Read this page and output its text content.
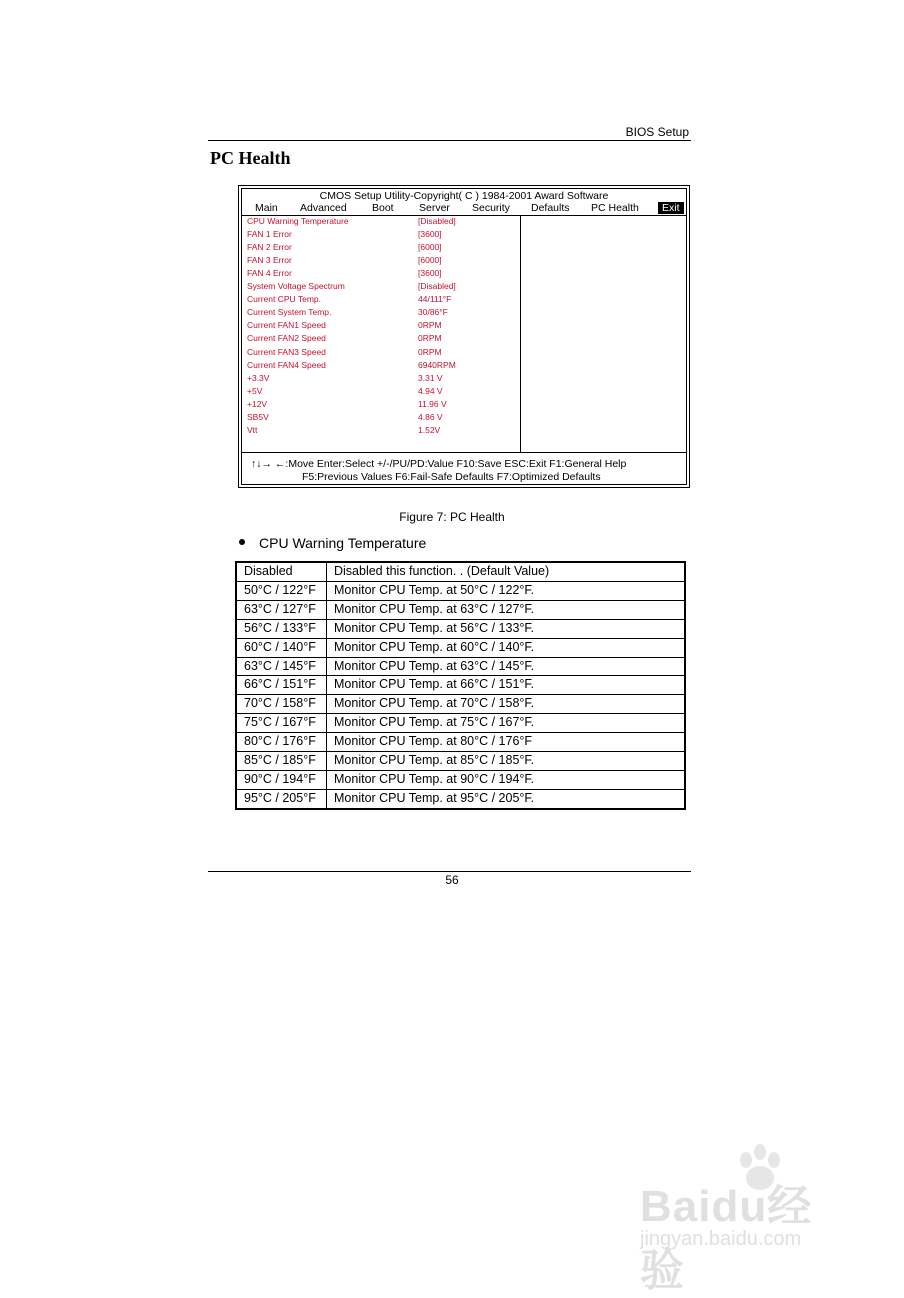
BIOS Setup
PC Health
CMOS Setup Utility-Copyright( C ) 1984-2001 Award Software
Main Advanced Boot Server Security Defaults PC Health	Exit
CPU Warning Temperature	[Disabled]
FAN 1 Error	[3600]
FAN 2 Error	[6000]
FAN 3 Error	[6000]
FAN 4 Error	[3600]
System Voltage Spectrum	[Disabled]
Current CPU Temp.	44/111°F
Current System Temp.	30/86°F
Current FAN1 Speed	0RPM
Current FAN2 Speed	0RPM
Current FAN3 Speed	0RPM
Current FAN4 Speed	6940RPM
+3.3V	3.31 V
+5V	4.94 V
+12V	11.96 V
SB5V	4.86 V
Vtt	1.52V
↑↓→ ←:Move Enter:Select +/-/PU/PD:Value F10:Save ESC:Exit F1:General Help
F5:Previous Values F6:Fail-Safe Defaults F7:Optimized Defaults
Figure 7: PC Health
CPU Warning Temperature
Disabled	Disabled this function. . (Default Value)
50°C / 122°F	Monitor CPU Temp. at 50°C / 122°F.
63°C / 127°F	Monitor CPU Temp. at 63°C / 127°F.
56°C / 133°F	Monitor CPU Temp. at 56°C / 133°F.
60°C / 140°F	Monitor CPU Temp. at 60°C / 140°F.
63°C / 145°F	Monitor CPU Temp. at 63°C / 145°F.
66°C / 151°F	Monitor CPU Temp. at 66°C / 151°F.
70°C / 158°F	Monitor CPU Temp. at 70°C / 158°F.
75°C / 167°F	Monitor CPU Temp. at 75°C / 167°F.
80°C / 176°F	Monitor CPU Temp. at 80°C / 176°F
85°C / 185°F	Monitor CPU Temp. at 85°C / 185°F.
90°C / 194°F	Monitor CPU Temp. at 90°C / 194°F.
95°C / 205°F	Monitor CPU Temp. at 95°C / 205°F.
56
Baidu经验
jingyan.baidu.com
